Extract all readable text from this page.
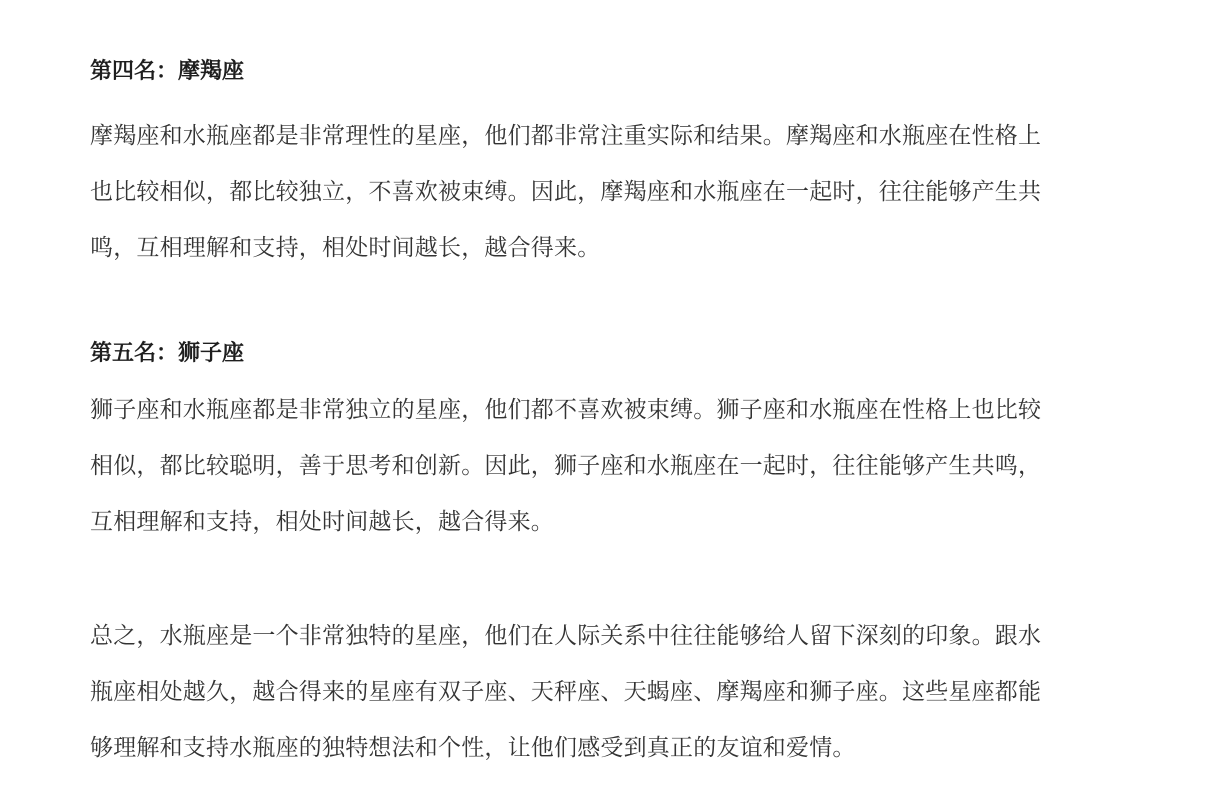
第四名：摩羯座

摩羯座和水瓶座都是非常理性的星座，他们都非常注重实际和结果。摩羯座和水瓶座在性格上
也比较相似，都比较独立，不喜欢被束缚。因此，摩羯座和水瓶座在一起时，往往能够产生共
鸣，互相理解和支持，相处时间越长，越合得来。

第五名：狮子座

狮子座和水瓶座都是非常独立的星座，他们都不喜欢被束缚。狮子座和水瓶座在性格上也比较
相似，都比较聪明，善于思考和创新。因此，狮子座和水瓶座在一起时，往往能够产生共鸣，
互相理解和支持，相处时间越长，越合得来。

总之，水瓶座是一个非常独特的星座，他们在人际关系中往往能够给人留下深刻的印象。跟水
瓶座相处越久，越合得来的星座有双子座、天秤座、天蝎座、摩羯座和狮子座。这些星座都能
够理解和支持水瓶座的独特想法和个性，让他们感受到真正的友谊和爱情。
